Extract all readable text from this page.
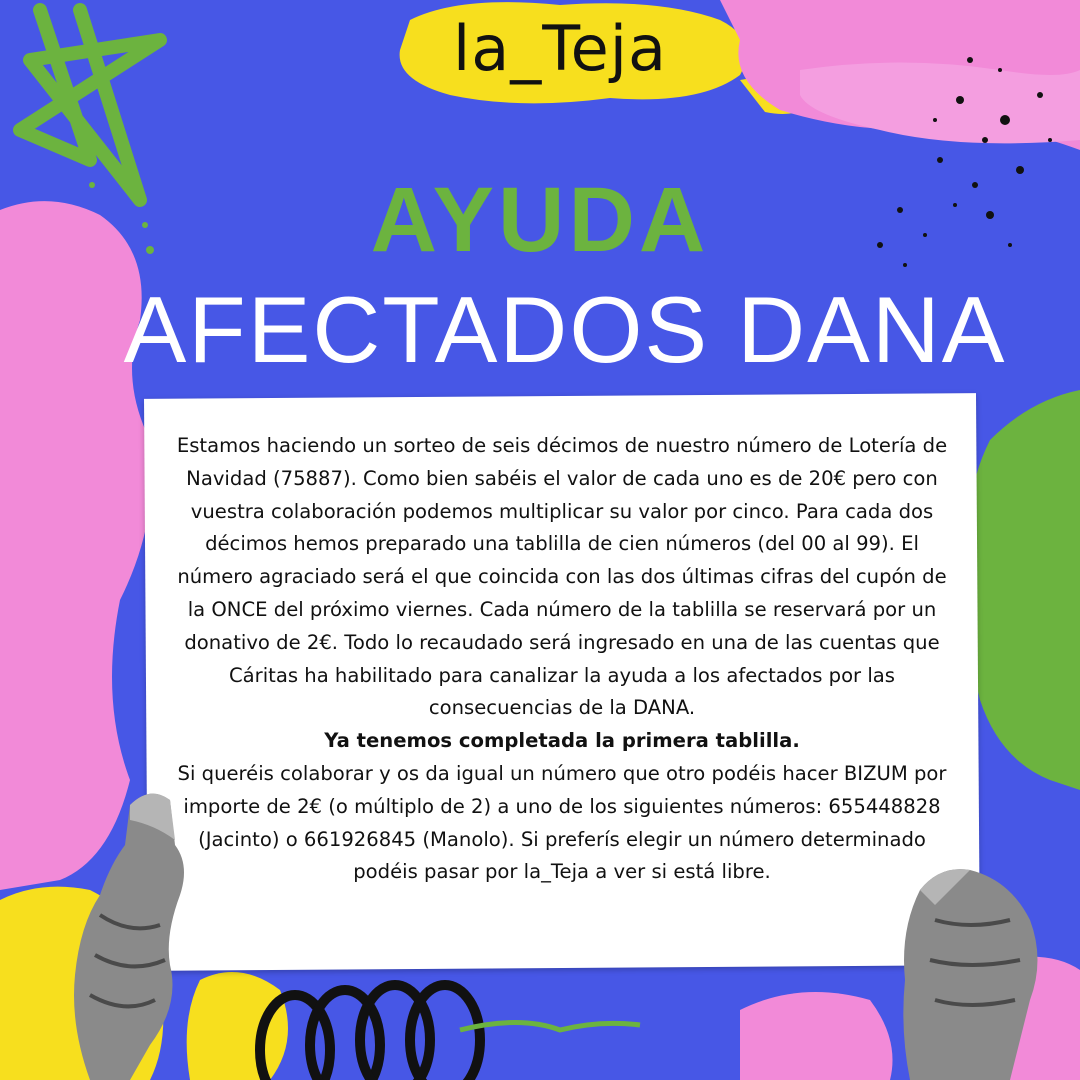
la_Teja
AYUDA
AFECTADOS DANA

Estamos haciendo un sorteo de seis décimos de nuestro número de Lotería de Navidad (75887). Como bien sabéis el valor de cada uno es de 20€ pero con vuestra colaboración podemos multiplicar su valor por cinco. Para cada dos décimos hemos preparado una tablilla de cien números (del 00 al 99). El número agraciado será el que coincida con las dos últimas cifras del cupón de la ONCE del próximo viernes. Cada número de la tablilla se reservará por un donativo de 2€. Todo lo recaudado será ingresado en una de las cuentas que Cáritas ha habilitado para canalizar la ayuda a los afectados por las consecuencias de la DANA.

Ya tenemos completada la primera tablilla.

Si queréis colaborar y os da igual un número que otro podéis hacer BIZUM por importe de 2€ (o múltiplo de 2) a uno de los siguientes números: 655448828 (Jacinto) o 661926845 (Manolo). Si preferís elegir un número determinado podéis pasar por la_Teja a ver si está libre.
